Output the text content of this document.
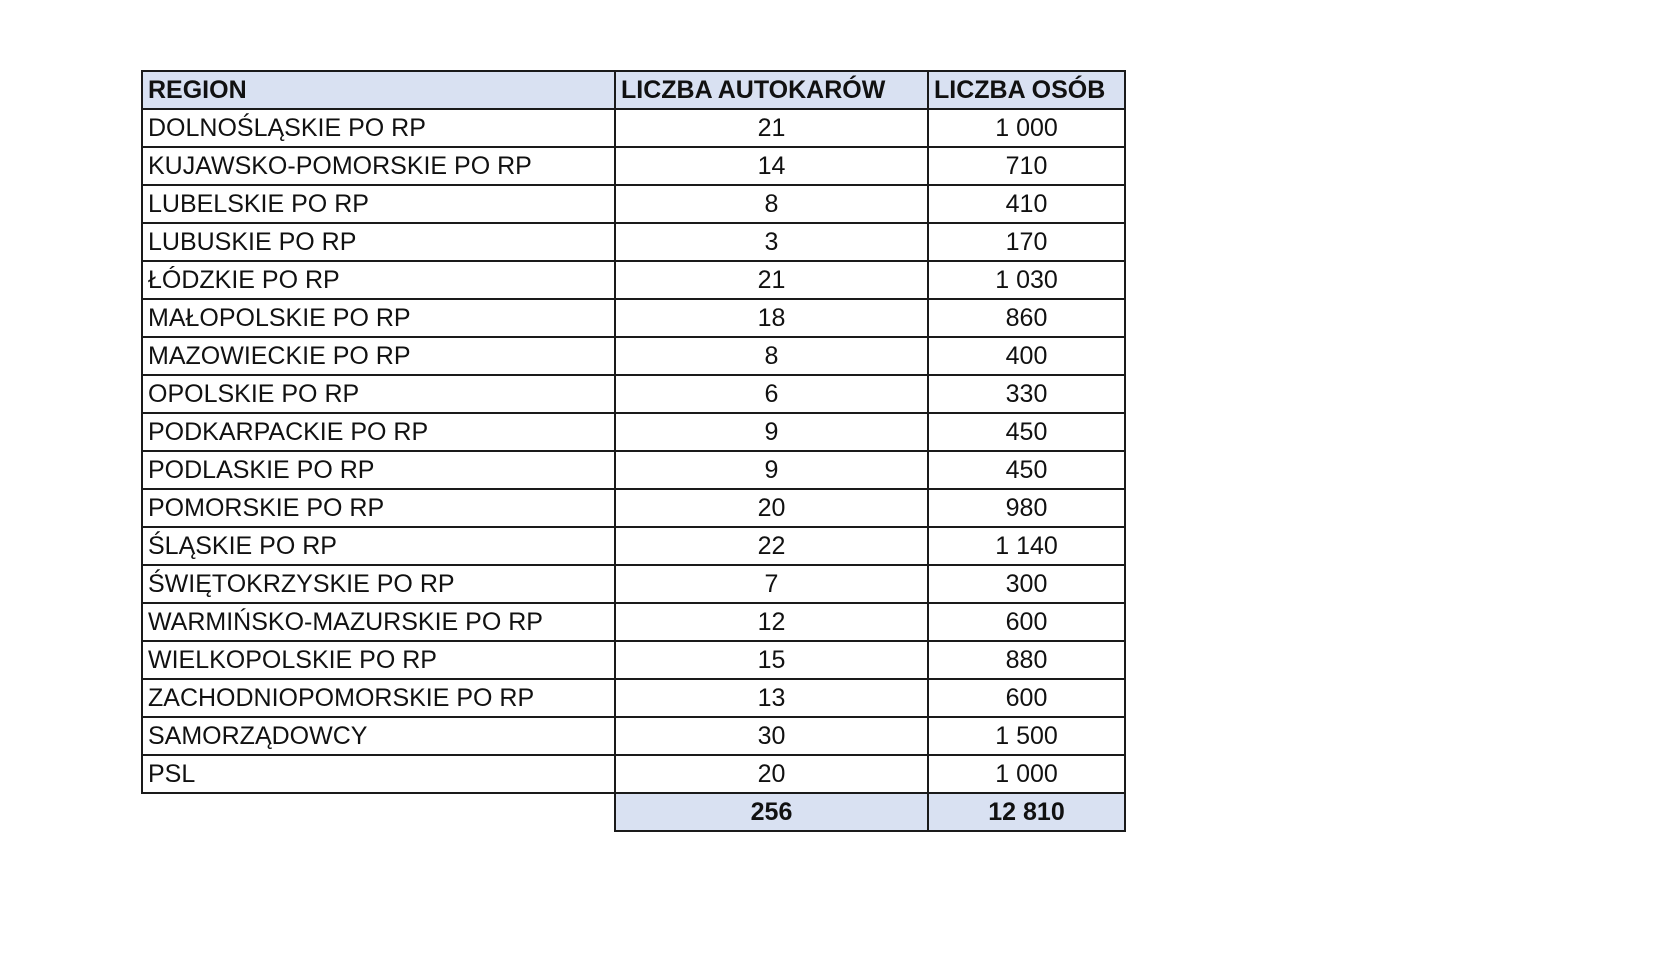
REGION	LICZBA AUTOKARÓW	LICZBA OSÓB
DOLNOŚLĄSKIE PO RP	21	1 000
KUJAWSKO-POMORSKIE PO RP	14	710
LUBELSKIE PO RP	8	410
LUBUSKIE PO RP	3	170
ŁÓDZKIE PO RP	21	1 030
MAŁOPOLSKIE PO RP	18	860
MAZOWIECKIE PO RP	8	400
OPOLSKIE PO RP	6	330
PODKARPACKIE PO RP	9	450
PODLASKIE PO RP	9	450
POMORSKIE PO RP	20	980
ŚLĄSKIE PO RP	22	1 140
ŚWIĘTOKRZYSKIE PO RP	7	300
WARMIŃSKO-MAZURSKIE PO RP	12	600
WIELKOPOLSKIE PO RP	15	880
ZACHODNIOPOMORSKIE PO RP	13	600
SAMORZĄDOWCY	30	1 500
PSL	20	1 000
	256	12 810
